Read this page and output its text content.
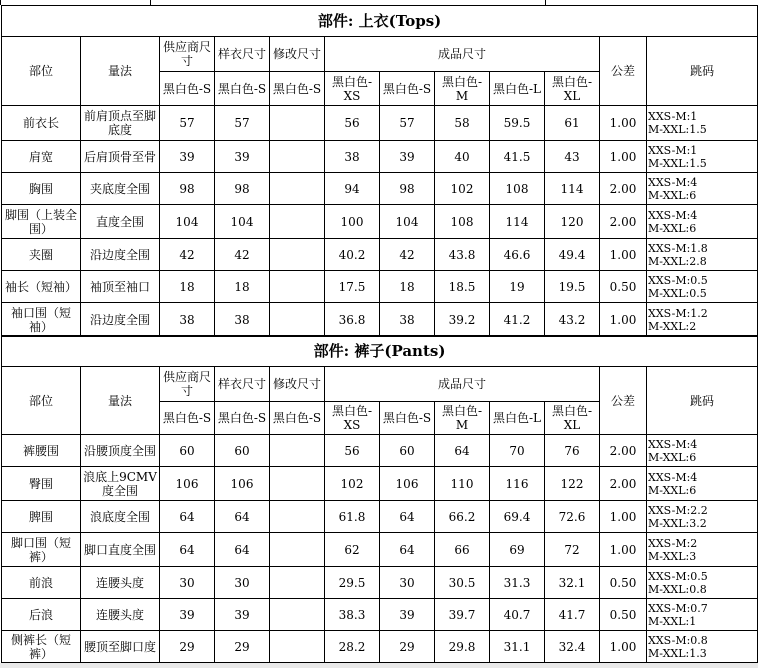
部件: 上衣(Tops)											
部位	量法	供应商尺寸	样衣尺寸	修改尺寸	成品尺寸					公差	跳码
		黑白色-S	黑白色-S	黑白色-S	黑白色-XS	黑白色-S	黑白色-M	黑白色-L	黑白色-XL		
前衣长	前肩顶点至脚底度	57	57		56	57	58	59.5	61	1.00	XXS-M:1
M-XXL:1.5

肩宽	后肩顶骨至骨	39	39		38	39	40	41.5	43	1.00	XXS-M:1
M-XXL:1.5

胸围	夹底度全围	98	98		94	98	102	108	114	2.00	XXS-M:4
M-XXL:6

脚围（上装全围）	直度全围	104	104		100	104	108	114	120	2.00	XXS-M:4
M-XXL:6

夹圈	沿边度全围	42	42		40.2	42	43.8	46.6	49.4	1.00	XXS-M:1.8
M-XXL:2.8

袖长（短袖）	袖顶至袖口	18	18		17.5	18	18.5	19	19.5	0.50	XXS-M:0.5
M-XXL:0.5

袖口围（短袖）	沿边度全围	38	38		36.8	38	39.2	41.2	43.2	1.00	XXS-M:1.2
M-XXL:2
部件: 裤子(Pants)											
部位	量法	供应商尺寸	样衣尺寸	修改尺寸	成品尺寸					公差	跳码
		黑白色-S	黑白色-S	黑白色-S	黑白色-XS	黑白色-S	黑白色-M	黑白色-L	黑白色-XL		
裤腰围	沿腰顶度全围	60	60		56	60	64	70	76	2.00	XXS-M:4
M-XXL:6

臀围	浪底上9CMV度全围	106	106		102	106	110	116	122	2.00	XXS-M:4
M-XXL:6

脾围	浪底度全围	64	64		61.8	64	66.2	69.4	72.6	1.00	XXS-M:2.2
M-XXL:3.2

脚口围（短裤）	脚口直度全围	64	64		62	64	66	69	72	1.00	XXS-M:2
M-XXL:3

前浪	连腰头度	30	30		29.5	30	30.5	31.3	32.1	0.50	XXS-M:0.5
M-XXL:0.8

后浪	连腰头度	39	39		38.3	39	39.7	40.7	41.7	0.50	XXS-M:0.7
M-XXL:1

侧裤长（短裤）	腰顶至脚口度	29	29		28.2	29	29.8	31.1	32.4	1.00	XXS-M:0.8
M-XXL:1.3
